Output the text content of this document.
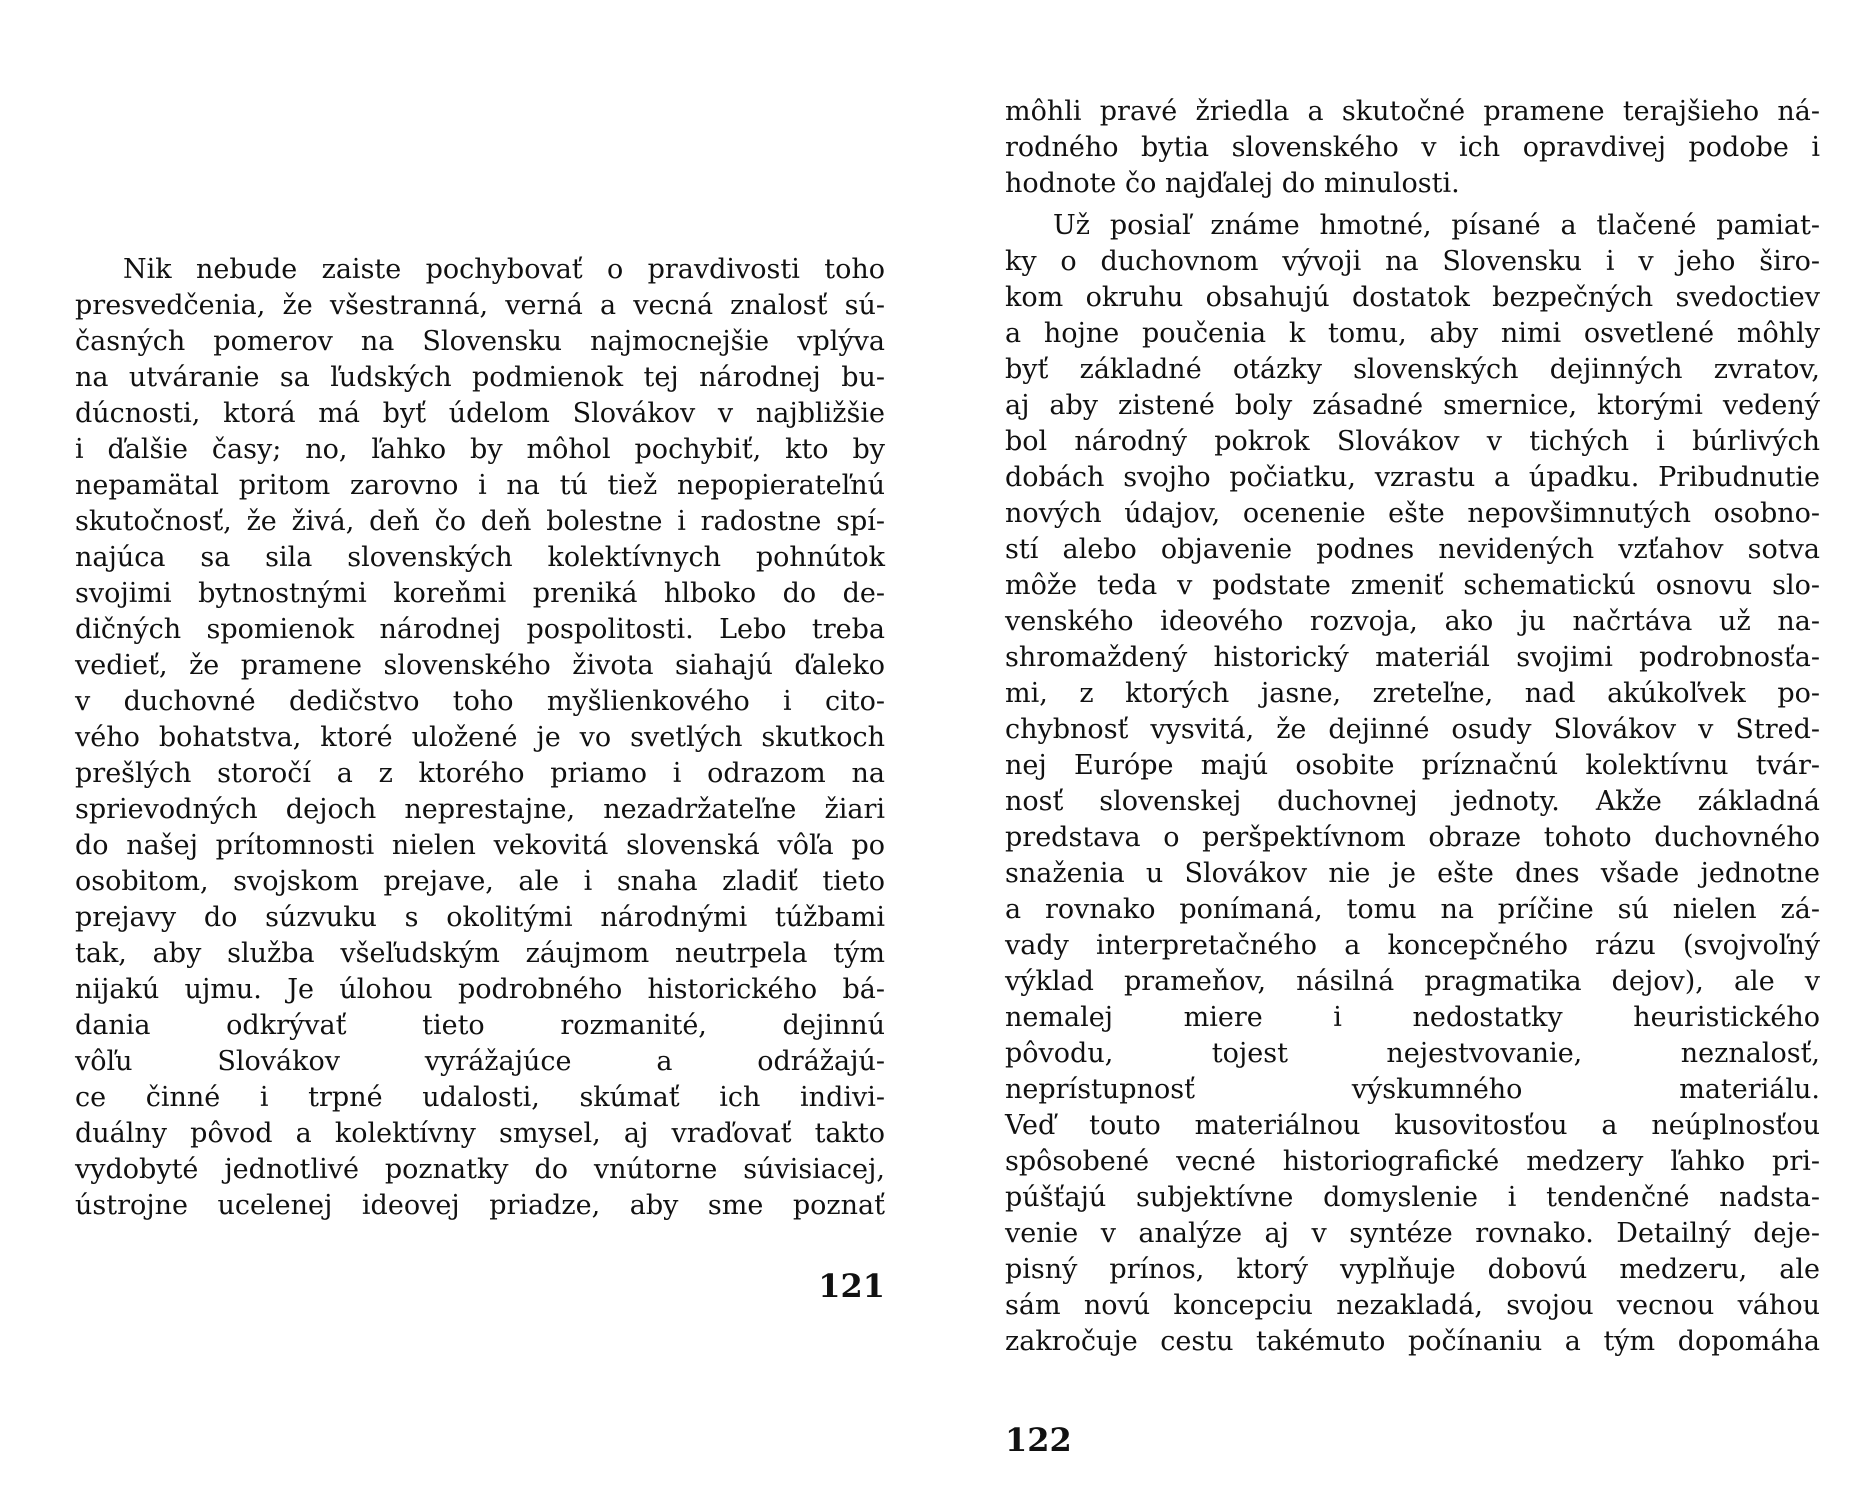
Nik nebude zaiste pochybovať o pravdivosti toho
presvedčenia, že všestranná, verná a vecná znalosť sú-
časných pomerov na Slovensku najmocnejšie vplýva
na utváranie sa ľudských podmienok tej národnej bu-
dúcnosti, ktorá má byť údelom Slovákov v najbližšie
i ďalšie časy; no, ľahko by môhol pochybiť, kto by
nepamätal pritom zarovno i na tú tiež nepopierateľnú
skutočnosť, že živá, deň čo deň bolestne i radostne spí-
najúca sa sila slovenských kolektívnych pohnútok
svojimi bytnostnými koreňmi preniká hlboko do de-
dičných spomienok národnej pospolitosti. Lebo treba
vedieť, že pramene slovenského života siahajú ďaleko
v duchovné dedičstvo toho myšlienkového i cito-
vého bohatstva, ktoré uložené je vo svetlých skutkoch
prešlých storočí a z ktorého priamo i odrazom na
sprievodných dejoch neprestajne, nezadržateľne žiari
do našej prítomnosti nielen vekovitá slovenská vôľa po
osobitom, svojskom prejave, ale i snaha zladiť tieto
prejavy do súzvuku s okolitými národnými túžbami
tak, aby služba všeľudským záujmom neutrpela tým
nijakú ujmu. Je úlohou podrobného historického bá-
dania odkrývať tieto rozmanité, dejinnú
vôľu Slovákov vyrážajúce a odrážajú-
ce činné i trpné udalosti, skúmať ich indivi-
duálny pôvod a kolektívny smysel, aj vraďovať takto
vydobyté jednotlivé poznatky do vnútorne súvisiacej,
ústrojne ucelenej ideovej priadze, aby sme poznať
121
môhli pravé žriedla a skutočné pramene terajšieho ná-
rodného bytia slovenského v ich opravdivej podobe i
hodnote čo najďalej do minulosti.
Už posiaľ známe hmotné, písané a tlačené pamiat-
ky o duchovnom vývoji na Slovensku i v jeho širo-
kom okruhu obsahujú dostatok bezpečných svedoctiev
a hojne poučenia k tomu, aby nimi osvetlené môhly
byť základné otázky slovenských dejinných zvratov,
aj aby zistené boly zásadné smernice, ktorými vedený
bol národný pokrok Slovákov v tichých i búrlivých
dobách svojho počiatku, vzrastu a úpadku. Pribudnutie
nových údajov, ocenenie ešte nepovšimnutých osobno-
stí alebo objavenie podnes nevidených vzťahov sotva
môže teda v podstate zmeniť schematickú osnovu slo-
venského ideového rozvoja, ako ju načrtáva už na-
shromaždený historický materiál svojimi podrobnosťa-
mi, z ktorých jasne, zreteľne, nad akúkoľvek po-
chybnosť vysvitá, že dejinné osudy Slovákov v Stred-
nej Európe majú osobite príznačnú kolektívnu tvár-
nosť slovenskej duchovnej jednoty. Akže základná
predstava o peršpektívnom obraze tohoto duchovného
snaženia u Slovákov nie je ešte dnes všade jednotne
a rovnako ponímaná, tomu na príčine sú nielen zá-
vady interpretačného a koncepčného rázu (svojvoľný
výklad prameňov, násilná pragmatika dejov), ale v
nemalej miere i nedostatky heuristického
pôvodu, tojest nejestvovanie, neznalosť,
neprístupnosť výskumného materiálu.
Veď touto materiálnou kusovitosťou a neúplnosťou
spôsobené vecné historiografické medzery ľahko pri-
púšťajú subjektívne domyslenie i tendenčné nadsta-
venie v analýze aj v syntéze rovnako. Detailný deje-
pisný prínos, ktorý vyplňuje dobovú medzeru, ale
sám novú koncepciu nezakladá, svojou vecnou váhou
zakročuje cestu takémuto počínaniu a tým dopomáha
122
